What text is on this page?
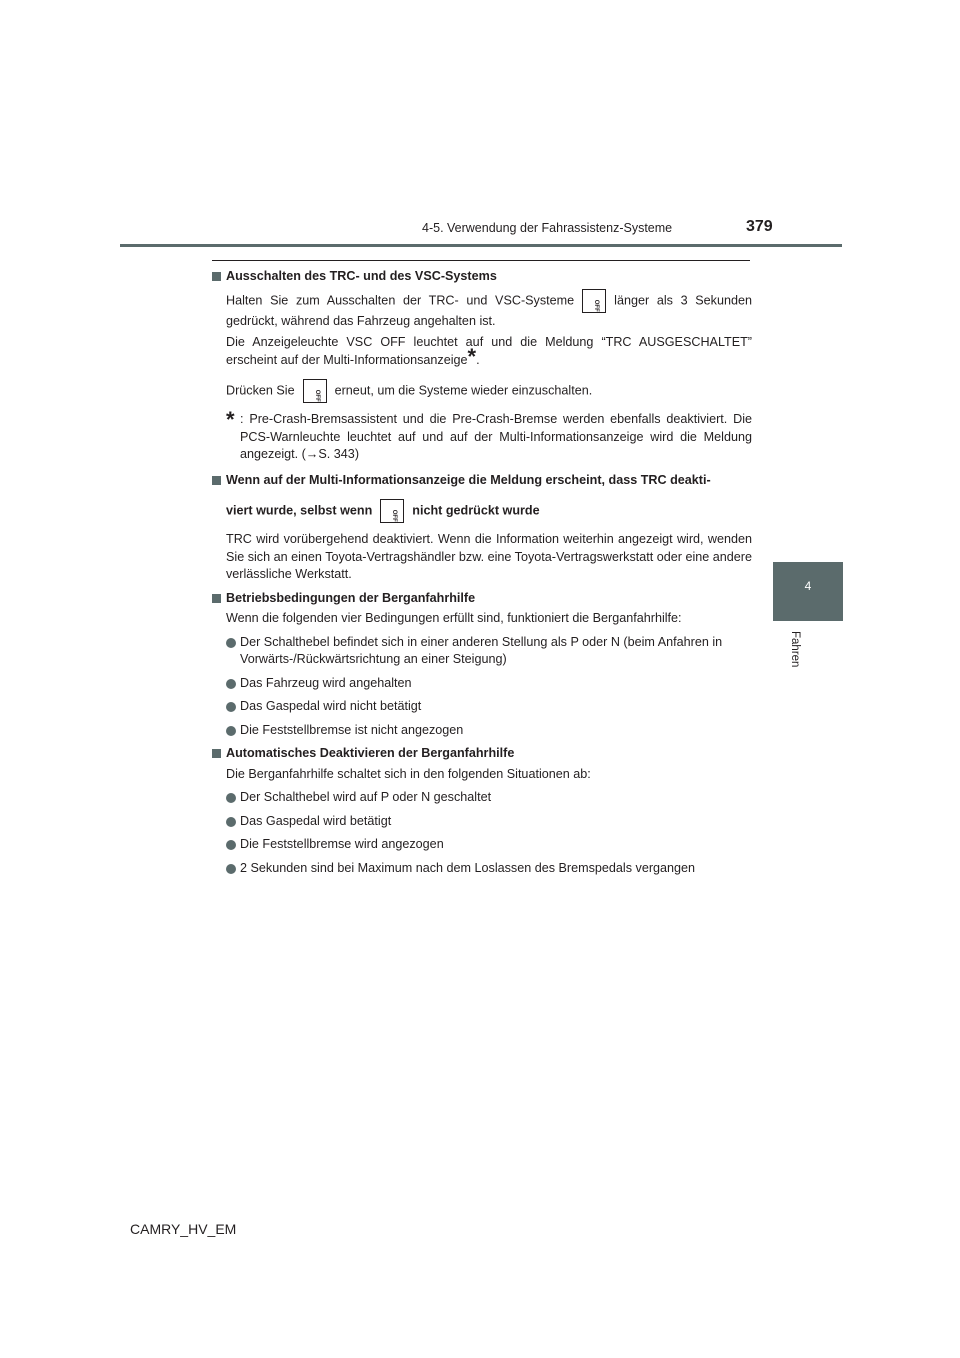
4-5. Verwendung der Fahrassistenz-Systeme	379
4
Fahren

Ausschalten des TRC- und des VSC-Systems

Halten Sie zum Ausschalten der TRC- und VSC-Systeme	OFF	länger als 3 Sekunden gedrückt, während das Fahrzeug angehalten ist.

Die Anzeigeleuchte VSC OFF leuchtet auf und die Meldung “TRC AUSGESCHALTET” erscheint auf der Multi-Informationsanzeige*.

Drücken Sie	OFF	erneut, um die Systeme wieder einzuschalten.

* : Pre-Crash-Bremsassistent und die Pre-Crash-Bremse werden ebenfalls deaktiviert. Die PCS-Warnleuchte leuchtet auf und auf der Multi-Informationsanzeige wird die Meldung angezeigt. (→S. 343)

Wenn auf der Multi-Informationsanzeige die Meldung erscheint, dass TRC deakti-

viert wurde, selbst wenn	OFF	nicht gedrückt wurde

TRC wird vorübergehend deaktiviert. Wenn die Information weiterhin angezeigt wird, wenden Sie sich an einen Toyota-Vertragshändler bzw. eine Toyota-Vertragswerkstatt oder eine andere verlässliche Werkstatt.

Betriebsbedingungen der Berganfahrhilfe

Wenn die folgenden vier Bedingungen erfüllt sind, funktioniert die Berganfahrhilfe:

Der Schalthebel befindet sich in einer anderen Stellung als P oder N (beim Anfahren in Vorwärts-/Rückwärtsrichtung an einer Steigung)
Das Fahrzeug wird angehalten
Das Gaspedal wird nicht betätigt
Die Feststellbremse ist nicht angezogen

Automatisches Deaktivieren der Berganfahrhilfe

Die Berganfahrhilfe schaltet sich in den folgenden Situationen ab:

Der Schalthebel wird auf P oder N geschaltet
Das Gaspedal wird betätigt
Die Feststellbremse wird angezogen
2 Sekunden sind bei Maximum nach dem Loslassen des Bremspedals vergangen
CAMRY_HV_EM
